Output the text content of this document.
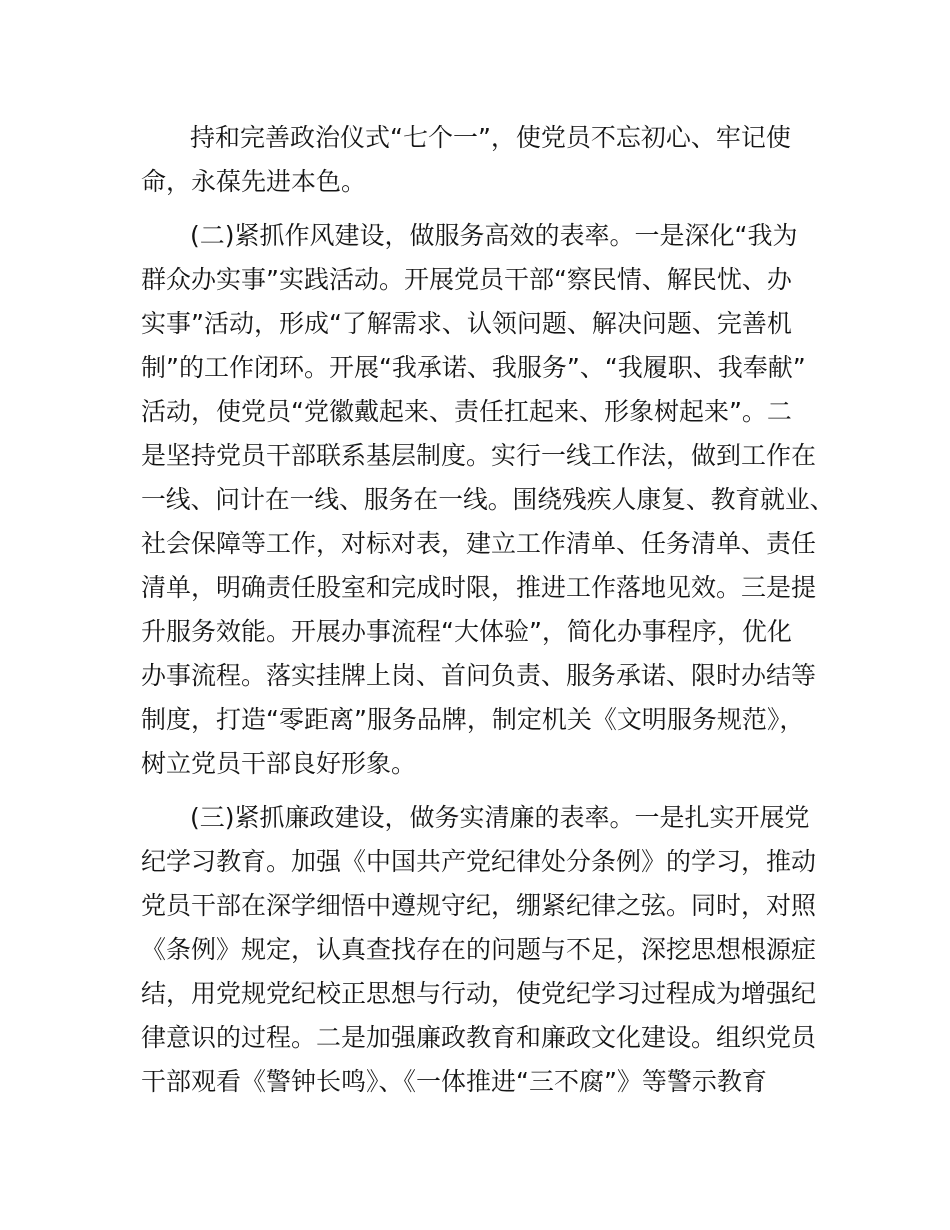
持和完善政治仪式“七个一”，使党员不忘初心、牢记使
命，永葆先进本色。
(二)紧抓作风建设，做服务高效的表率。一是深化“我为
群众办实事”实践活动。开展党员干部“察民情、解民忧、办
实事”活动，形成“了解需求、认领问题、解决问题、完善机
制”的工作闭环。开展“我承诺、我服务”、“我履职、我奉献”
活动，使党员“党徽戴起来、责任扛起来、形象树起来”。二
是坚持党员干部联系基层制度。实行一线工作法，做到工作在
一线、问计在一线、服务在一线。围绕残疾人康复、教育就业、
社会保障等工作，对标对表，建立工作清单、任务清单、责任
清单，明确责任股室和完成时限，推进工作落地见效。三是提
升服务效能。开展办事流程“大体验”，简化办事程序，优化
办事流程。落实挂牌上岗、首问负责、服务承诺、限时办结等
制度，打造“零距离”服务品牌，制定机关《文明服务规范》，
树立党员干部良好形象。
(三)紧抓廉政建设，做务实清廉的表率。一是扎实开展党
纪学习教育。加强《中国共产党纪律处分条例》的学习，推动
党员干部在深学细悟中遵规守纪，绷紧纪律之弦。同时，对照
《条例》规定，认真查找存在的问题与不足，深挖思想根源症
结，用党规党纪校正思想与行动，使党纪学习过程成为增强纪
律意识的过程。二是加强廉政教育和廉政文化建设。组织党员
干部观看《警钟长鸣》、《一体推进“三不腐”》等警示教育
